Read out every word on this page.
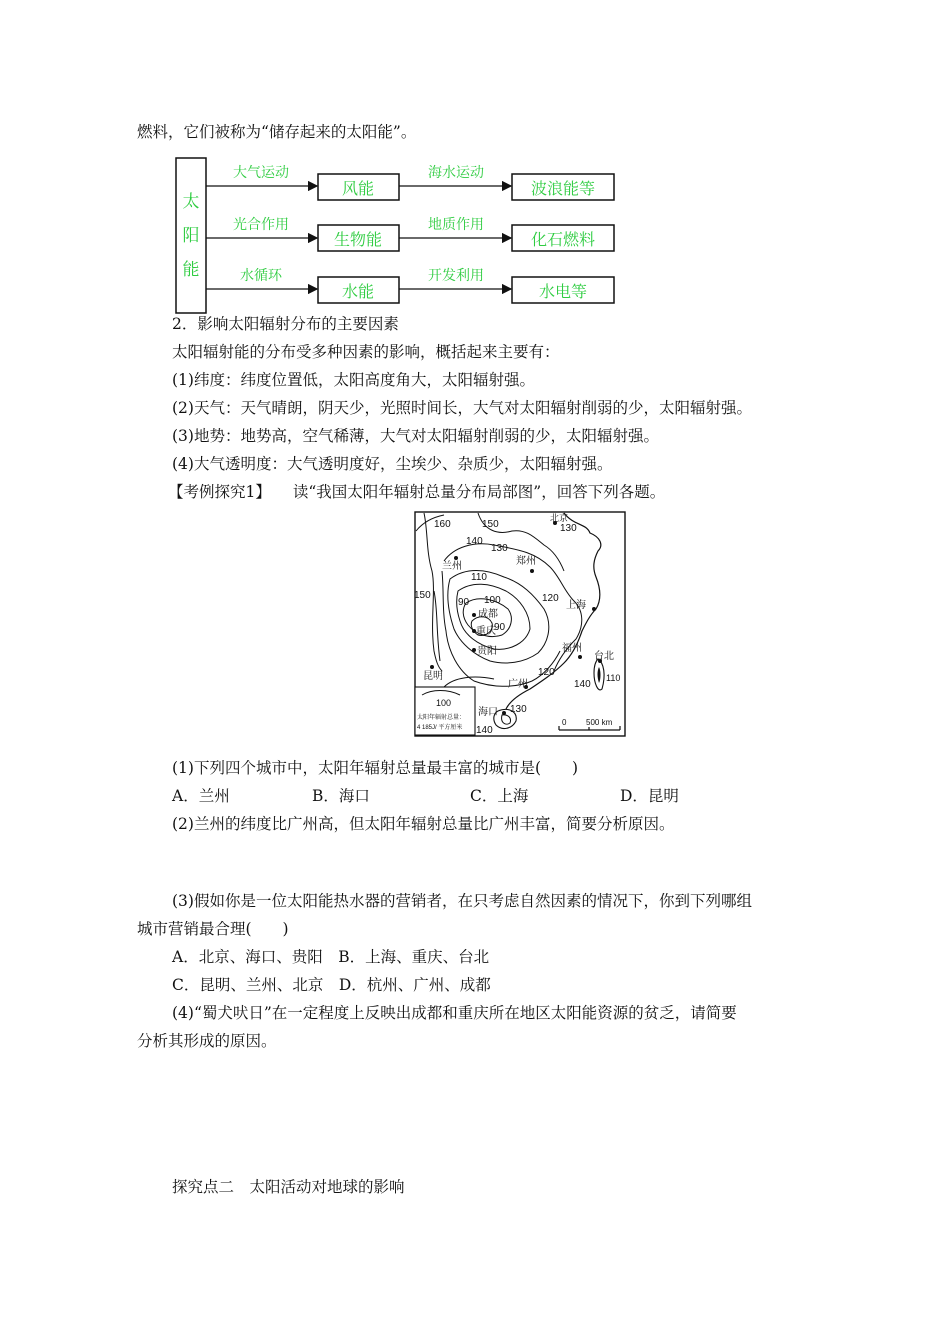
燃料，它们被称为“储存起来的太阳能”。
太
阳
能
大气运动
风能
海水运动
波浪能等
光合作用
生物能
地质作用
化石燃料
水循环
水能
开发利用
水电等
2．影响太阳辐射分布的主要因素
太阳辐射能的分布受多种因素的影响，概括起来主要有：
(1)纬度：纬度位置低，太阳高度角大，太阳辐射强。
(2)天气：天气晴朗，阴天少，光照时间长，大气对太阳辐射削弱的少，太阳辐射强。
(3)地势：地势高，空气稀薄，大气对太阳辐射削弱的少，太阳辐射强。
(4)大气透明度：大气透明度好，尘埃少、杂质少，太阳辐射强。
【考例探究1】 读“我国太阳年辐射总量分布局部图”，回答下列各题。
100
太阳年辐射总量：
4 185J/ 平方厘米
0 500 km
160	150	130
140
130
110
150
90 100	120
90
120
140
110
130
140
北京
兰州	郑州
成都
重庆
贵阳
上海
福州
台北
昆明
广州
海口
(1)下列四个城市中，太阳年辐射总量最丰富的城市是(　　)
A．兰州	B．海口	C．上海	D．昆明
(2)兰州的纬度比广州高，但太阳年辐射总量比广州丰富，简要分析原因。
(3)假如你是一位太阳能热水器的营销者，在只考虑自然因素的情况下，你到下列哪组
城市营销最合理(　　)
A．北京、海口、贵阳　B．上海、重庆、台北
C．昆明、兰州、北京　D．杭州、广州、成都
(4)“蜀犬吠日”在一定程度上反映出成都和重庆所在地区太阳能资源的贫乏，请简要
分析其形成的原因。
探究点二　太阳活动对地球的影响
